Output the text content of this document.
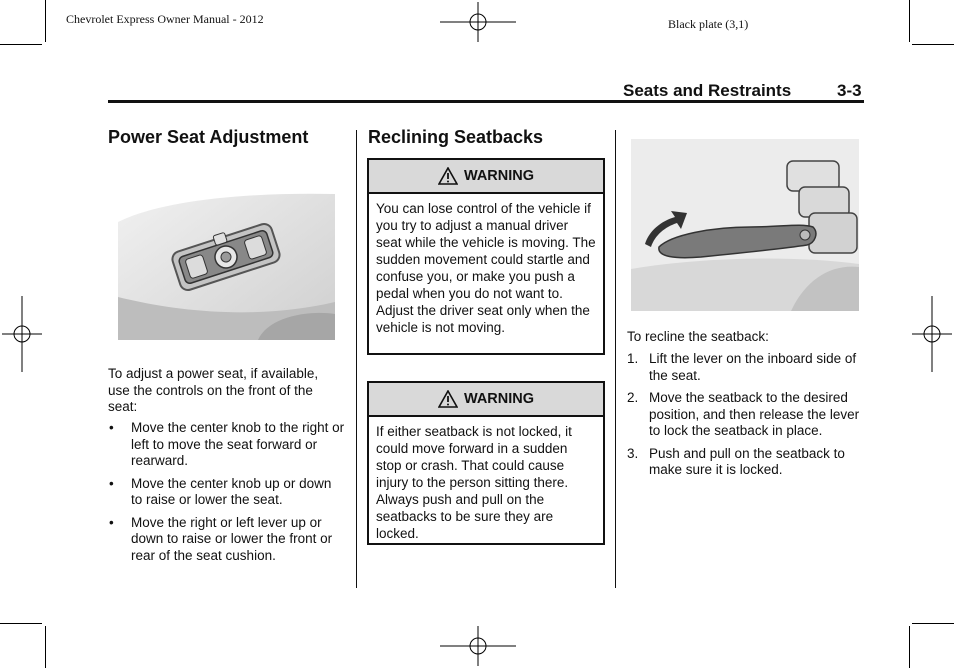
Chevrolet Express Owner Manual - 2012	Black plate (3,1)
Seats and Restraints	3-3
Power Seat Adjustment
To adjust a power seat, if available, use the controls on the front of the seat:
• Move the center knob to the right or left to move the seat forward or rearward.
• Move the center knob up or down to raise or lower the seat.
• Move the right or left lever up or down to raise or lower the front or rear of the seat cushion.
Reclining Seatbacks
WARNING
You can lose control of the vehicle if you try to adjust a manual driver seat while the vehicle is moving. The sudden movement could startle and confuse you, or make you push a pedal when you do not want to. Adjust the driver seat only when the vehicle is not moving.
WARNING
If either seatback is not locked, it could move forward in a sudden stop or crash. That could cause injury to the person sitting there. Always push and pull on the seatbacks to be sure they are locked.
To recline the seatback:
1. Lift the lever on the inboard side of the seat.
2. Move the seatback to the desired position, and then release the lever to lock the seatback in place.
3. Push and pull on the seatback to make sure it is locked.
